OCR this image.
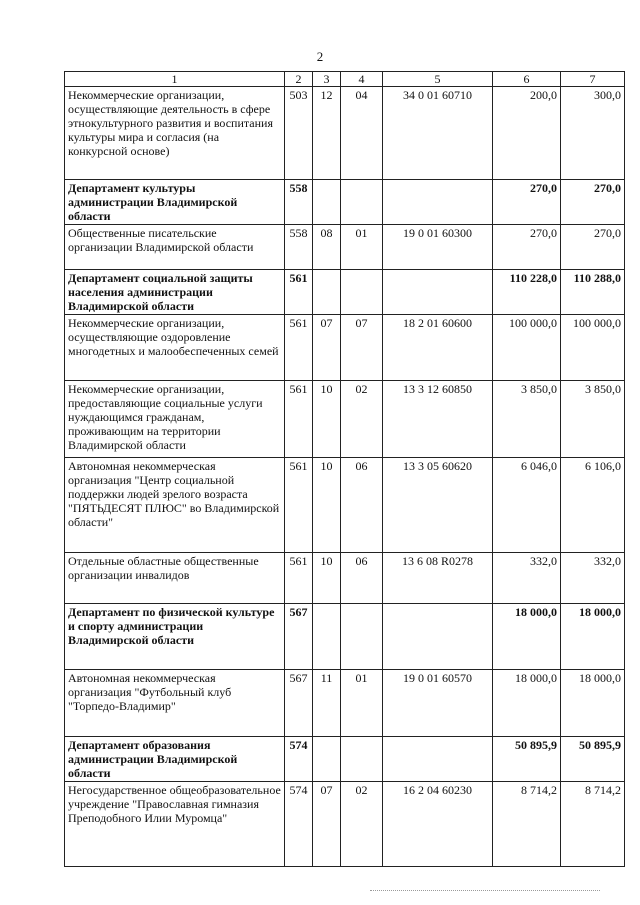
2
1	2	3	4	5	6	7
Некоммерческие организации, осуществляющие деятельность в сфере этнокультурного развития и воспитания культуры мира и согласия (на конкурсной основе)	503	12	04	34 0 01 60710	200,0	300,0
Департамент культуры администрации Владимирской области	558				270,0	270,0
Общественные писательские организации Владимирской области	558	08	01	19 0 01 60300	270,0	270,0
Департамент социальной защиты населения администрации Владимирской области	561				110 228,0	110 288,0
Некоммерческие организации, осуществляющие оздоровление многодетных и малообеспеченных семей	561	07	07	18 2 01 60600	100 000,0	100 000,0
Некоммерческие организации, предоставляющие социальные услуги нуждающимся гражданам, проживающим на территории Владимирской области	561	10	02	13 3 12 60850	3 850,0	3 850,0
Автономная некоммерческая организация "Центр социальной поддержки людей зрелого возраста "ПЯТЬДЕСЯТ ПЛЮС" во Владимирской области"	561	10	06	13 3 05 60620	6 046,0	6 106,0
Отдельные областные общественные организации инвалидов	561	10	06	13 6 08 R0278	332,0	332,0
Департамент по физической культуре и спорту администрации Владимирской области	567				18 000,0	18 000,0
Автономная некоммерческая организация "Футбольный клуб "Торпедо-Владимир"	567	11	01	19 0 01 60570	18 000,0	18 000,0
Департамент образования администрации Владимирской области	574				50 895,9	50 895,9
Негосударственное общеобразовательное учреждение "Православная гимназия Преподобного Илии Муромца"	574	07	02	16 2 04 60230	8 714,2	8 714,2
